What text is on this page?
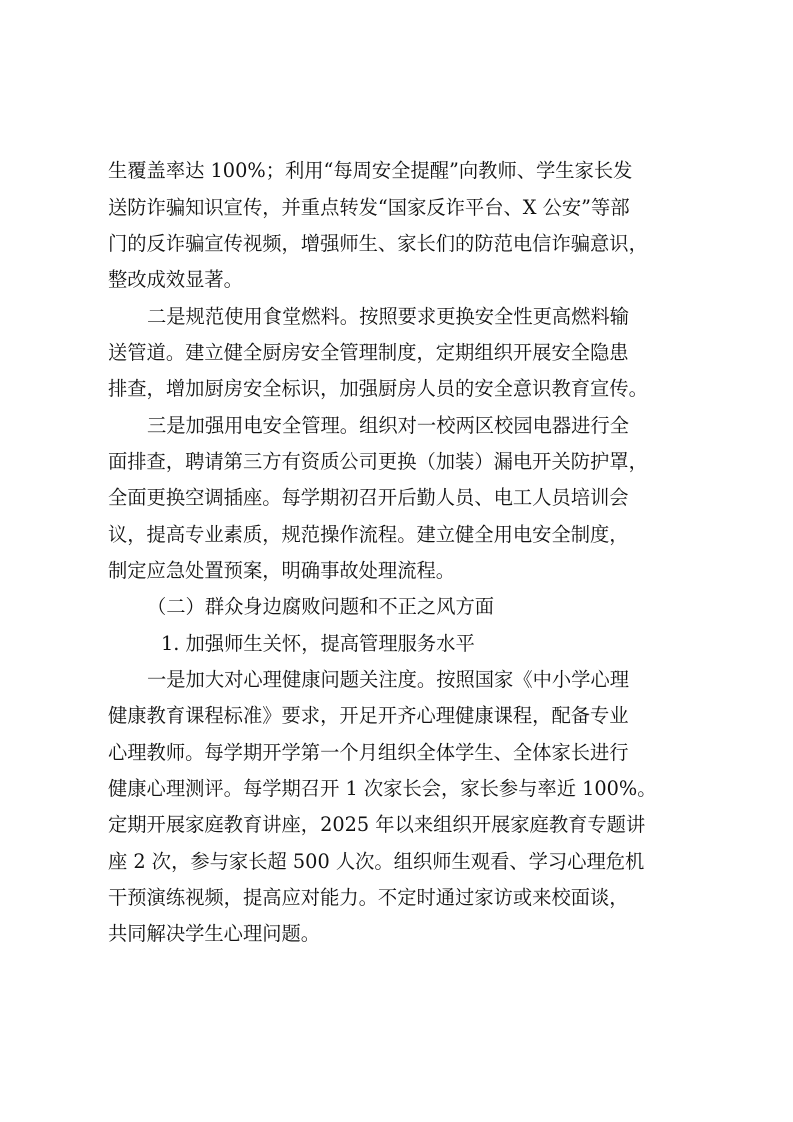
生覆盖率达 100%；利用“每周安全提醒”向教师、学生家长发
送防诈骗知识宣传，并重点转发“国家反诈平台、X 公安”等部
门的反诈骗宣传视频，增强师生、家长们的防范电信诈骗意识，
整改成效显著。
二是规范使用食堂燃料。按照要求更换安全性更高燃料输
送管道。建立健全厨房安全管理制度，定期组织开展安全隐患
排查，增加厨房安全标识，加强厨房人员的安全意识教育宣传。
三是加强用电安全管理。组织对一校两区校园电器进行全
面排查，聘请第三方有资质公司更换（加装）漏电开关防护罩，
全面更换空调插座。每学期初召开后勤人员、电工人员培训会
议，提高专业素质，规范操作流程。建立健全用电安全制度，
制定应急处置预案，明确事故处理流程。
（二）群众身边腐败问题和不正之风方面
1. 加强师生关怀，提高管理服务水平
一是加大对心理健康问题关注度。按照国家《中小学心理
健康教育课程标准》要求，开足开齐心理健康课程，配备专业
心理教师。每学期开学第一个月组织全体学生、全体家长进行
健康心理测评。每学期召开 1 次家长会，家长参与率近 100%。
定期开展家庭教育讲座，2025 年以来组织开展家庭教育专题讲
座 2 次，参与家长超 500 人次。组织师生观看、学习心理危机
干预演练视频，提高应对能力。不定时通过家访或来校面谈，
共同解决学生心理问题。
